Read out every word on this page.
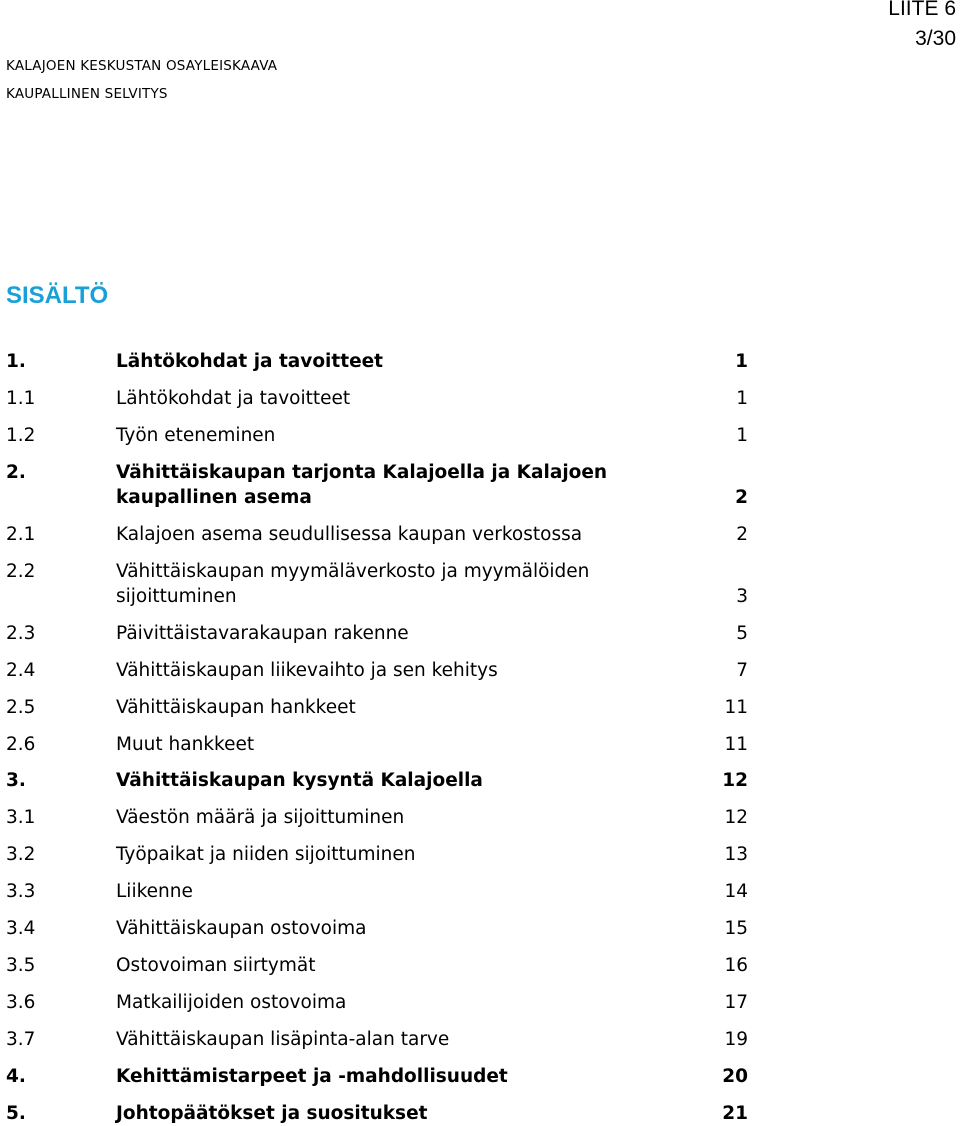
LIITE 6
3/30
KALAJOEN KESKUSTAN OSAYLEISKAAVA
KAUPALLINEN SELVITYS
SISÄLTÖ
1.	Lähtökohdat ja tavoitteet	1
1.1	Lähtökohdat ja tavoitteet	1
1.2	Työn eteneminen	1
2.	Vähittäiskaupan tarjonta Kalajoella ja Kalajoen kaupallinen asema	2
2.1	Kalajoen asema seudullisessa kaupan verkostossa	2
2.2	Vähittäiskaupan myymäläverkosto ja myymälöiden sijoittuminen	3
2.3	Päivittäistavarakaupan rakenne	5
2.4	Vähittäiskaupan liikevaihto ja sen kehitys	7
2.5	Vähittäiskaupan hankkeet	11
2.6	Muut hankkeet	11
3.	Vähittäiskaupan kysyntä Kalajoella	12
3.1	Väestön määrä ja sijoittuminen	12
3.2	Työpaikat ja niiden sijoittuminen	13
3.3	Liikenne	14
3.4	Vähittäiskaupan ostovoima	15
3.5	Ostovoiman siirtymät	16
3.6	Matkailijoiden ostovoima	17
3.7	Vähittäiskaupan lisäpinta-alan tarve	19
4.	Kehittämistarpeet ja -mahdollisuudet	20
5.	Johtopäätökset ja suositukset	21
